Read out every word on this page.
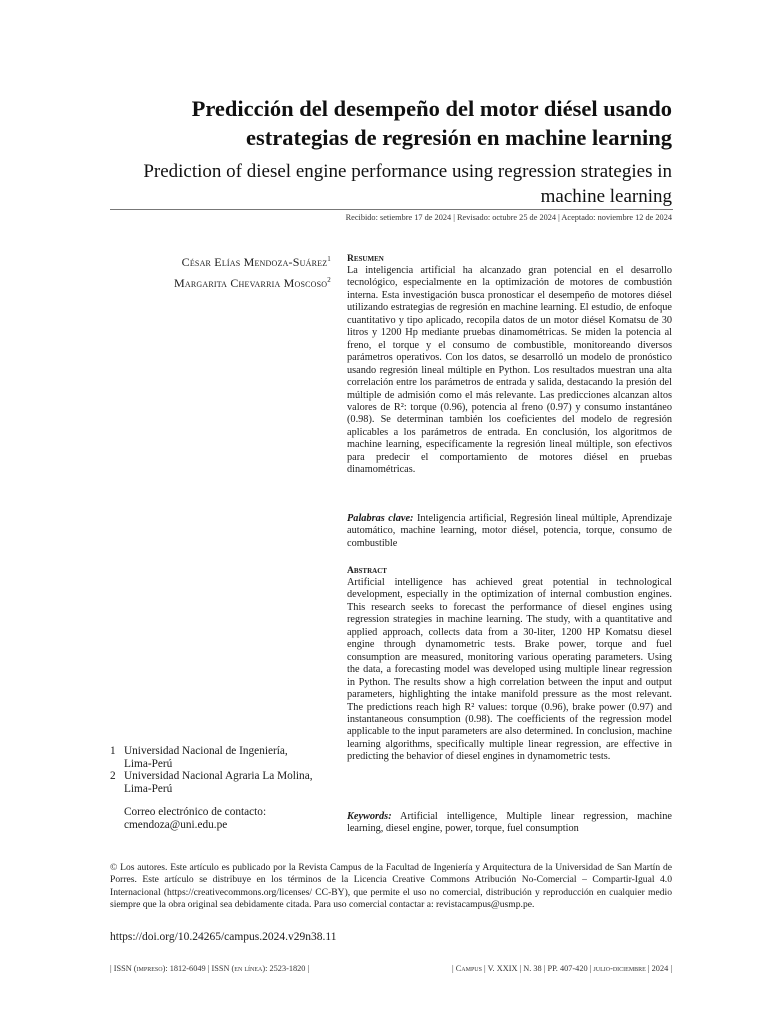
Predicción del desempeño del motor diésel usando estrategias de regresión en machine learning
Prediction of diesel engine performance using regression strategies in machine learning
Recibido: setiembre 17 de 2024 | Revisado: octubre 25 de 2024 | Aceptado: noviembre 12 de 2024
César Elías Mendoza-Suárez$^1$
Margarita Chevarria Moscoso$^2$
Resumen
La inteligencia artificial ha alcanzado gran potencial en el desarrollo tecnológico, especialmente en la optimización de motores de combustión interna. Esta investigación busca pronosticar el desempeño de motores diésel utilizando estrategias de regresión en machine learning. El estudio, de enfoque cuantitativo y tipo aplicado, recopila datos de un motor diésel Komatsu de 30 litros y 1200 Hp mediante pruebas dinamométricas. Se miden la potencia al freno, el torque y el consumo de combustible, monitoreando diversos parámetros operativos. Con los datos, se desarrolló un modelo de pronóstico usando regresión lineal múltiple en Python. Los resultados muestran una alta correlación entre los parámetros de entrada y salida, destacando la presión del múltiple de admisión como el más relevante. Las predicciones alcanzan altos valores de R²: torque (0.96), potencia al freno (0.97) y consumo instantáneo (0.98). Se determinan también los coeficientes del modelo de regresión aplicables a los parámetros de entrada. En conclusión, los algoritmos de machine learning, específicamente la regresión lineal múltiple, son efectivos para predecir el comportamiento de motores diésel en pruebas dinamométricas.
Palabras clave: Inteligencia artificial, Regresión lineal múltiple, Aprendizaje automático, machine learning, motor diésel, potencia, torque, consumo de combustible
Abstract
Artificial intelligence has achieved great potential in technological development, especially in the optimization of internal combustion engines. This research seeks to forecast the performance of diesel engines using regression strategies in machine learning. The study, with a quantitative and applied approach, collects data from a 30-liter, 1200 HP Komatsu diesel engine through dynamometric tests. Brake power, torque and fuel consumption are measured, monitoring various operating parameters. Using the data, a forecasting model was developed using multiple linear regression in Python. The results show a high correlation between the input and output parameters, highlighting the intake manifold pressure as the most relevant. The predictions reach high R² values: torque (0.96), brake power (0.97) and instantaneous consumption (0.98). The coefficients of the regression model applicable to the input parameters are also determined. In conclusion, machine learning algorithms, specifically multiple linear regression, are effective in predicting the behavior of diesel engines in dynamometric tests.
Keywords: Artificial intelligence, Multiple linear regression, machine learning, diesel engine, power, torque, fuel consumption
1 Universidad Nacional de Ingeniería,
Lima-Perú
2 Universidad Nacional Agraria La Molina,
Lima-Perú
Correo electrónico de contacto:
cmendoza@uni.edu.pe
© Los autores. Este artículo es publicado por la Revista Campus de la Facultad de Ingeniería y Arquitectura de la Universidad de San Martín de Porres. Este artículo se distribuye en los términos de la Licencia Creative Commons Atribución No-Comercial – Compartir-Igual 4.0 Internacional (https://creativecommons.org/licenses/ CC-BY), que permite el uso no comercial, distribución y reproducción en cualquier medio siempre que la obra original sea debidamente citada. Para uso comercial contactar a: revistacampus@usmp.pe.
https://doi.org/10.24265/campus.2024.v29n38.11
| ISSN (impreso): 1812-6049 | ISSN (en línea): 2523-1820 |	| Campus | V. XXIX | N. 38 | PP. 407-420 | julio-diciembre | 2024 |
